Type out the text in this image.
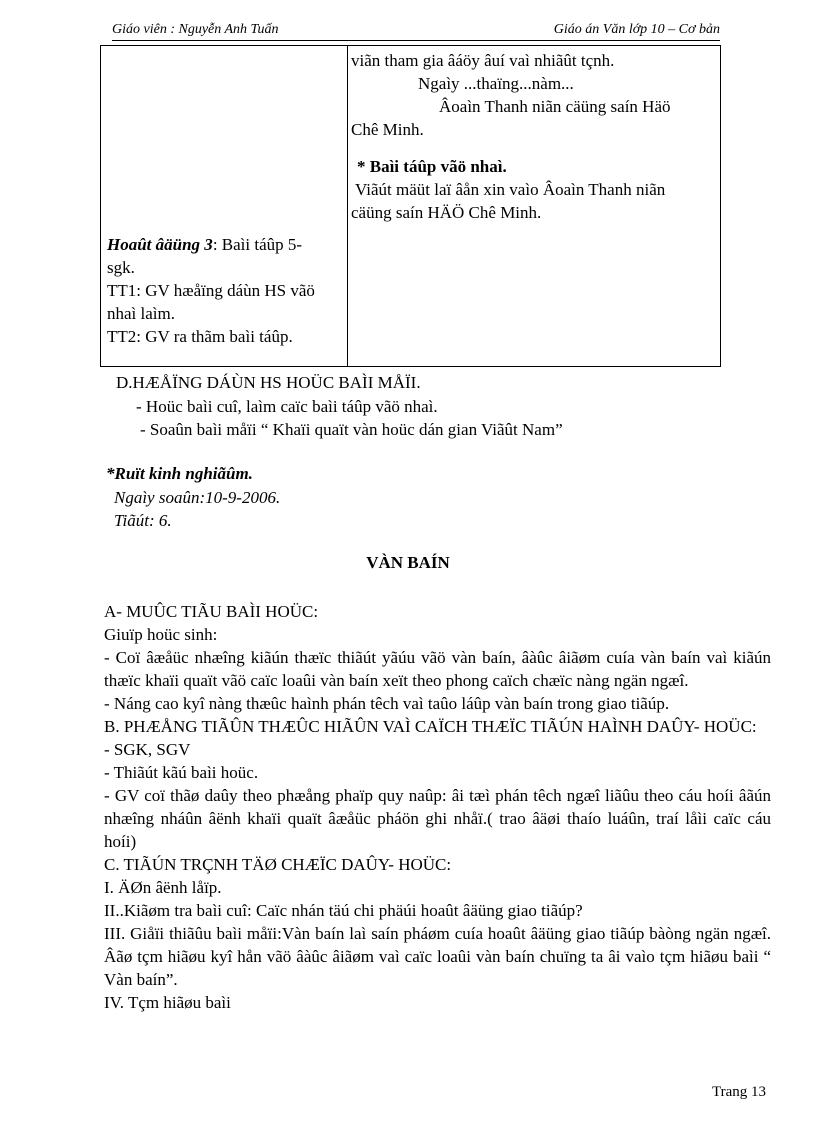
Giáo viên : Nguyễn Anh Tuấn	Giáo án Văn lớp 10 – Cơ bản
Hoaût âäüng 3: Baìi táûp 5-
sgk.
TT1: GV hæåïng dáùn HS vãö
nhaì laìm.
TT2: GV ra thãm baìi táûp.
viãn tham gia âáöy âuí vaì nhiãût tçnh.
Ngaìy ...thaïng...nàm...
Âoaìn Thanh niãn cäüng saín Häö
Chê Minh.
* Baìi táûp vãö nhaì.
Viãút mäüt laï âån xin vaìo Âoaìn Thanh niãn
cäüng saín HÄÖ Chê Minh.
D.HÆÅÏNG DÁÙN HS HOÜC BAÌI MÅÏI.
- Hoüc baìi cuî, laìm caïc baìi táûp vãö nhaì.
- Soaûn baìi måïi “ Khaïi quaït vàn hoüc dán gian Viãût Nam”
*Ruït kinh nghiãûm.
Ngaìy soaûn:10-9-2006.
Tiãút: 6.
VÀN BAÍN
A- MUÛC TIÃU BAÌI HOÜC:
Giuïp hoüc sinh:
- Coï âæåüc nhæîng kiãún thæïc thiãút yãúu vãö vàn baín, âàûc âiãøm cuía vàn baín vaì kiãún thæïc khaïi quaït vãö caïc loaûi vàn baín xeït theo phong caïch chæïc nàng ngän ngæî.
- Náng cao kyî nàng thæûc haình phán têch vaì taûo láûp vàn baín trong giao tiãúp.
B. PHÆÅNG TIÃÛN THÆÛC HIÃÛN VAÌ CAÏCH THÆÏC TIÃÚN HAÌNH DAÛY- HOÜC:
- SGK, SGV
- Thiãút kãú baìi hoüc.
- GV coï thãø daûy theo phæång phaïp quy naûp: âi tæì phán têch ngæî liãûu theo cáu hoíi âãún nhæîng nháûn âënh khaïi quaït âæåüc pháön ghi nhåï.( trao âäøi thaío luáûn, traí låìi caïc cáu hoíi)
C. TIÃÚN TRÇNH TÄØ CHÆÏC DAÛY- HOÜC:
I. ÄØn âënh låïp.
II..Kiãøm tra baìi cuî: Caïc nhán täú chi phäúi hoaût âäüng giao tiãúp?
III. Giåïi thiãûu baìi måïi:Vàn baín laì saín pháøm cuía hoaût âäüng giao tiãúp bàòng ngän ngæî. Âãø tçm hiãøu kyî hån vãö âàûc âiãøm vaì caïc loaûi vàn baín chuïng ta âi vaìo tçm hiãøu baìi “ Vàn baín”.
IV. Tçm hiãøu baìi
Trang 13
